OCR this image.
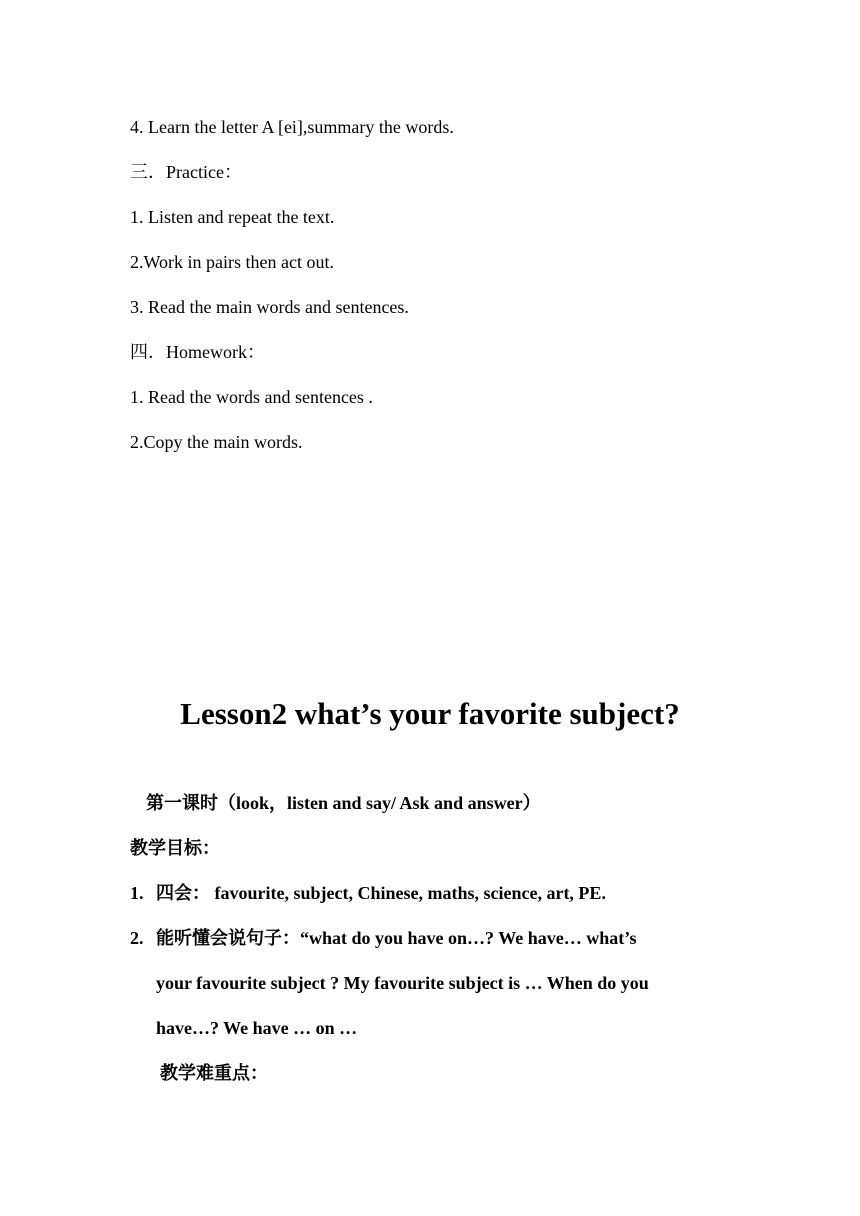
4. Learn the letter A [ei],summary the words.
三．Practice：
1. Listen and repeat the text.
2.Work in pairs then act out.
3. Read the main words and sentences.
四．Homework：
1. Read the words and sentences .
2.Copy the main words.
Lesson2 what’s your favorite subject?
第一课时（look，listen and say/ Ask and answer）
教学目标：
1. 四会： favourite, subject, Chinese, maths, science, art, PE.
2. 能听懂会说句子：“what do you have on…? We have… what’s
your favourite subject ? My favourite subject is … When do you
have…? We have … on …
教学难重点：
